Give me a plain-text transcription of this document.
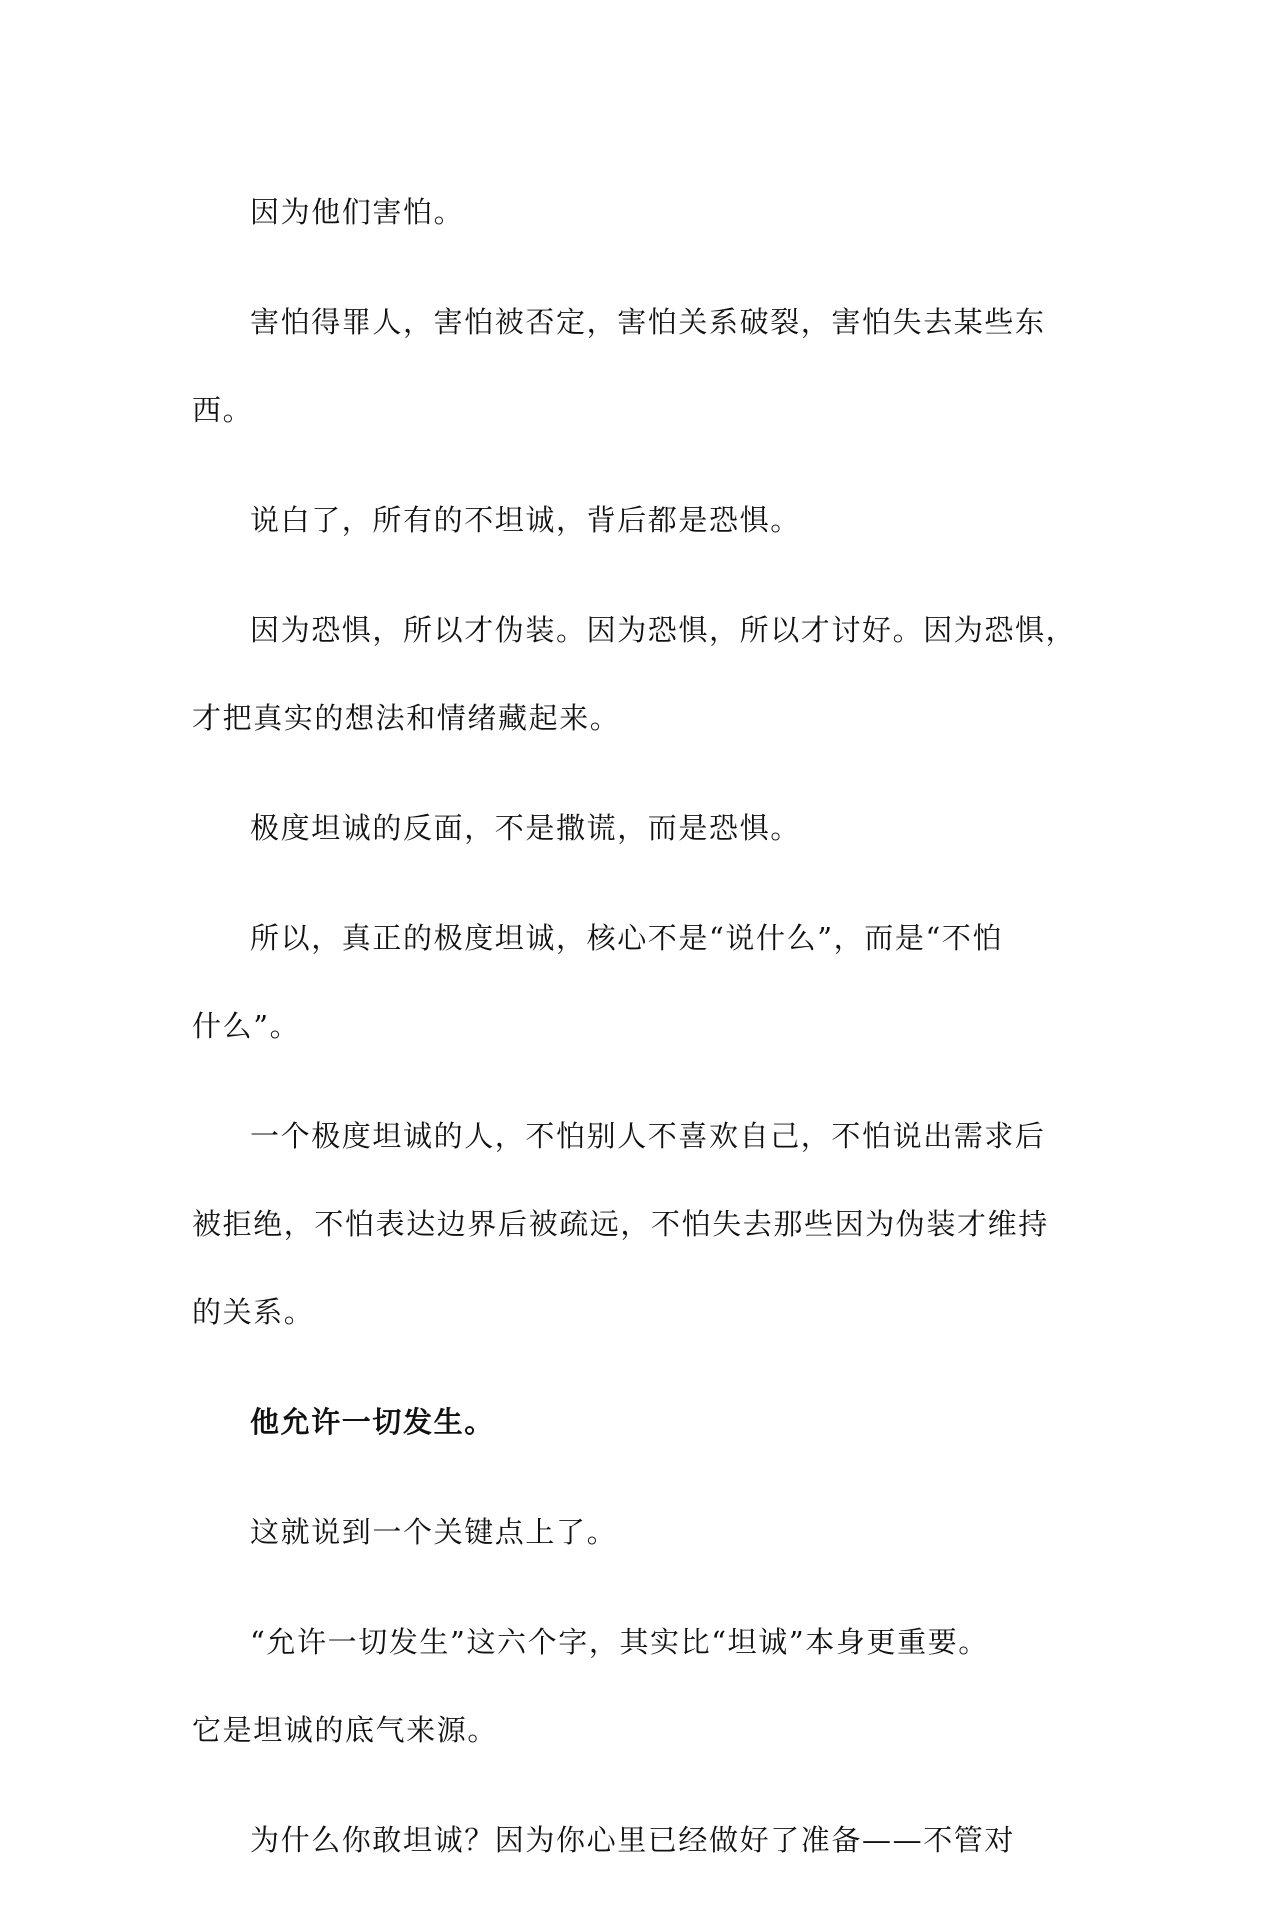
因为他们害怕。

害怕得罪人，害怕被否定，害怕关系破裂，害怕失去某些东
西。

说白了，所有的不坦诚，背后都是恐惧。

因为恐惧，所以才伪装。因为恐惧，所以才讨好。因为恐惧，
才把真实的想法和情绪藏起来。

极度坦诚的反面，不是撒谎，而是恐惧。

所以，真正的极度坦诚，核心不是“说什么”，而是“不怕
什么”。

一个极度坦诚的人，不怕别人不喜欢自己，不怕说出需求后
被拒绝，不怕表达边界后被疏远，不怕失去那些因为伪装才维持
的关系。

他允许一切发生。

这就说到一个关键点上了。

“允许一切发生”这六个字，其实比“坦诚”本身更重要。
它是坦诚的底气来源。

为什么你敢坦诚？因为你心里已经做好了准备——不管对
